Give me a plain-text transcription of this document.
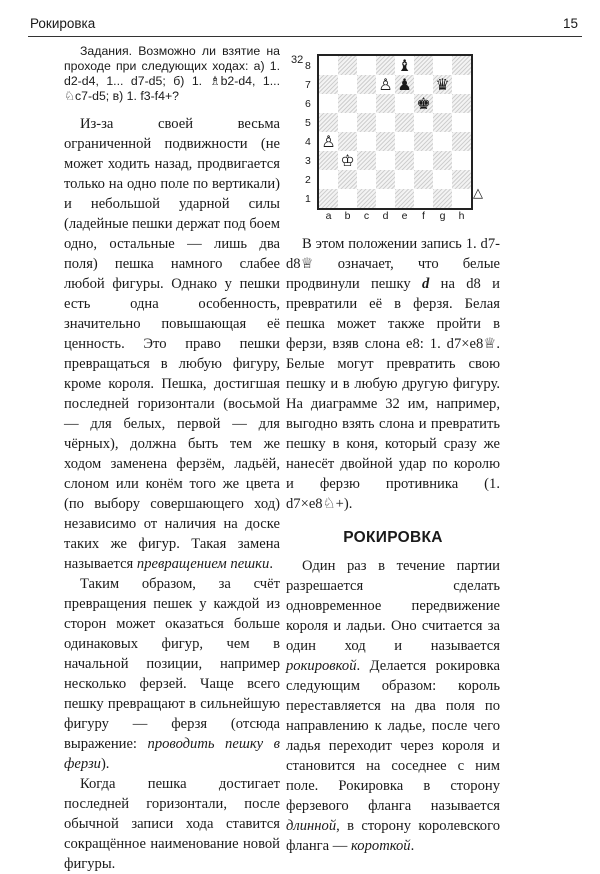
Рокировка	15

Задания. Возможно ли взятие на проходе при следующих ходах: а) 1. d2-d4, 1... d7-d5; б) 1. ♗b2-d4, 1... ♘c7-d5; в) 1. f3-f4+?

Из-за своей весьма ограниченной подвижности (не может ходить назад, продвигается только на одно поле по вертикали) и небольшой ударной силы (ладейные пешки держат под боем одно, остальные — лишь два поля) пешка намного слабее любой фигуры. Однако у пешки есть одна особенность, значительно повышающая её ценность. Это право пешки превращаться в любую фигуру, кроме короля. Пешка, достигшая последней горизонтали (восьмой — для белых, первой — для чёрных), должна быть тем же ходом заменена ферзём, ладьёй, слоном или конём того же цвета (по выбору совершающего ход) независимо от наличия на доске таких же фигур. Такая замена называется превращением пешки.

Таким образом, за счёт превращения пешек у каждой из сторон может оказаться больше одинаковых фигур, чем в начальной позиции, например несколько ферзей. Чаще всего пешку превращают в сильнейшую фигуру — ферзя (отсюда выражение: проводить пешку в ферзи).

Когда пешка достигает последней горизонтали, после обычной записи хода ставится сокращённое наименование новой фигуры.

32 8
7
6
5
4
3
2
1
♝
♙ ♟ ♛
♚
♙
♔
a	b	c	d	e	f	g	h
△

В этом положении запись 1. d7-d8♕ означает, что белые продвинули пешку d на d8 и превратили её в ферзя. Белая пешка может также пройти в ферзи, взяв слона e8: 1. d7×e8♕. Белые могут превратить свою пешку и в любую другую фигуру. На диаграмме 32 им, например, выгодно взять слона и превратить пешку в коня, который сразу же нанесёт двойной удар по королю и ферзю противника (1. d7×e8♘+).

РОКИРОВКА

Один раз в течение партии разрешается сделать одновременное передвижение короля и ладьи. Оно считается за один ход и называется рокировкой. Делается рокировка следующим образом: король переставляется на два поля по направлению к ладье, после чего ладья переходит через короля и становится на соседнее с ним поле. Рокировка в сторону ферзевого фланга называется длинной, в сторону королевского фланга — короткой.
